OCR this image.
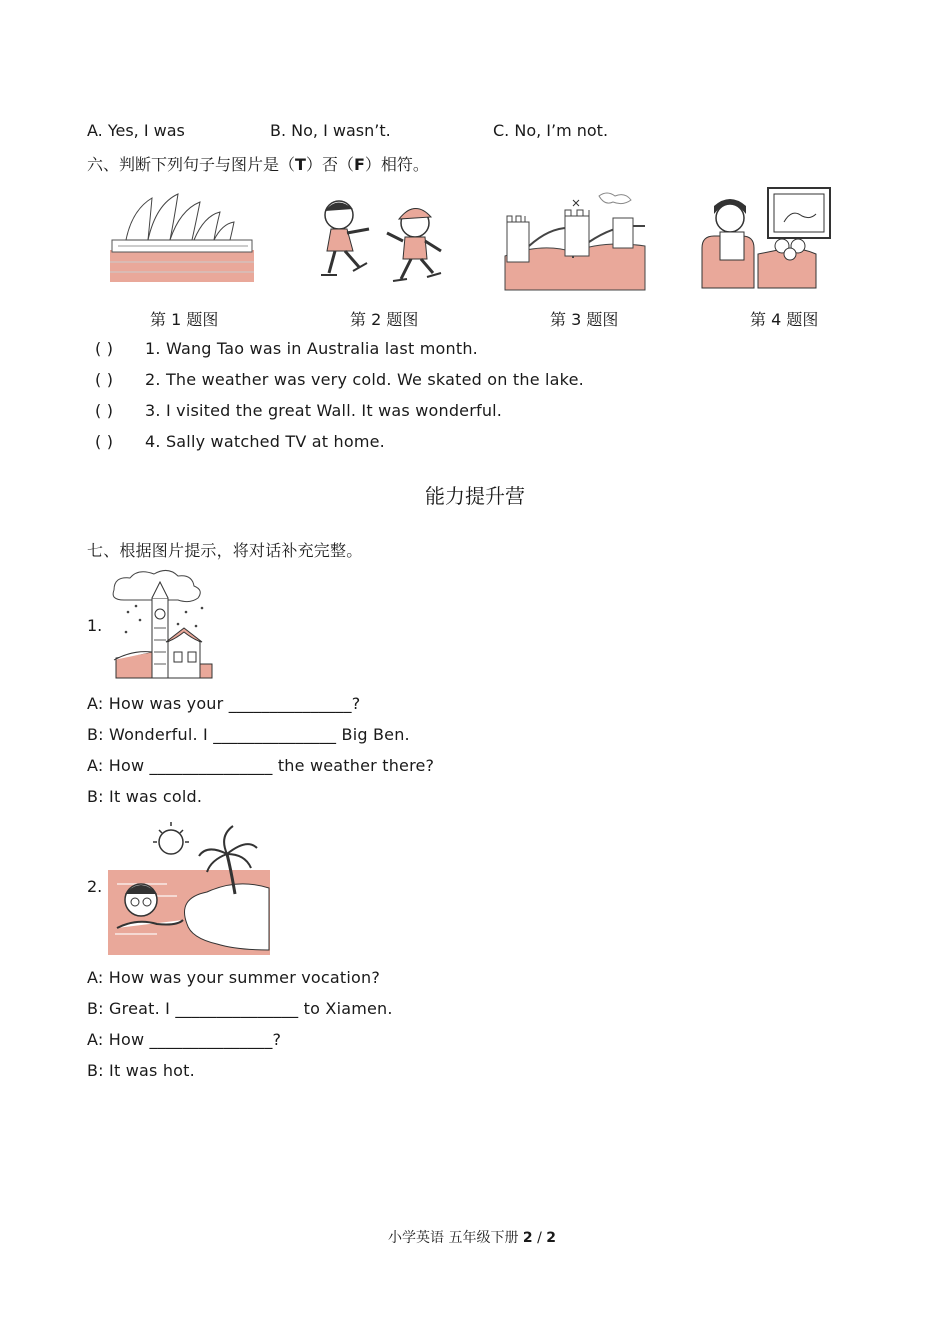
A. Yes, I was	B. No, I wasn’t.	C. No, I’m not.
六、判断下列句子与图片是（T）否（F）相符。
第 1 题图	第 2 题图	第 3 题图	第 4 题图
( ) 1. Wang Tao was in Australia last month.
( ) 2. The weather was very cold. We skated on the lake.
( ) 3. I visited the great Wall. It was wonderful.
( ) 4. Sally watched TV at home.
能力提升营
七、根据图片提示，将对话补充完整。
1.
A: How was your _______________?
B: Wonderful. I _______________ Big Ben.
A: How _______________ the weather there?
B: It was cold.
2.
A: How was your summer vocation?
B: Great. I _______________ to Xiamen.
A: How _______________?
B: It was hot.
小学英语 五年级下册 2 / 2
